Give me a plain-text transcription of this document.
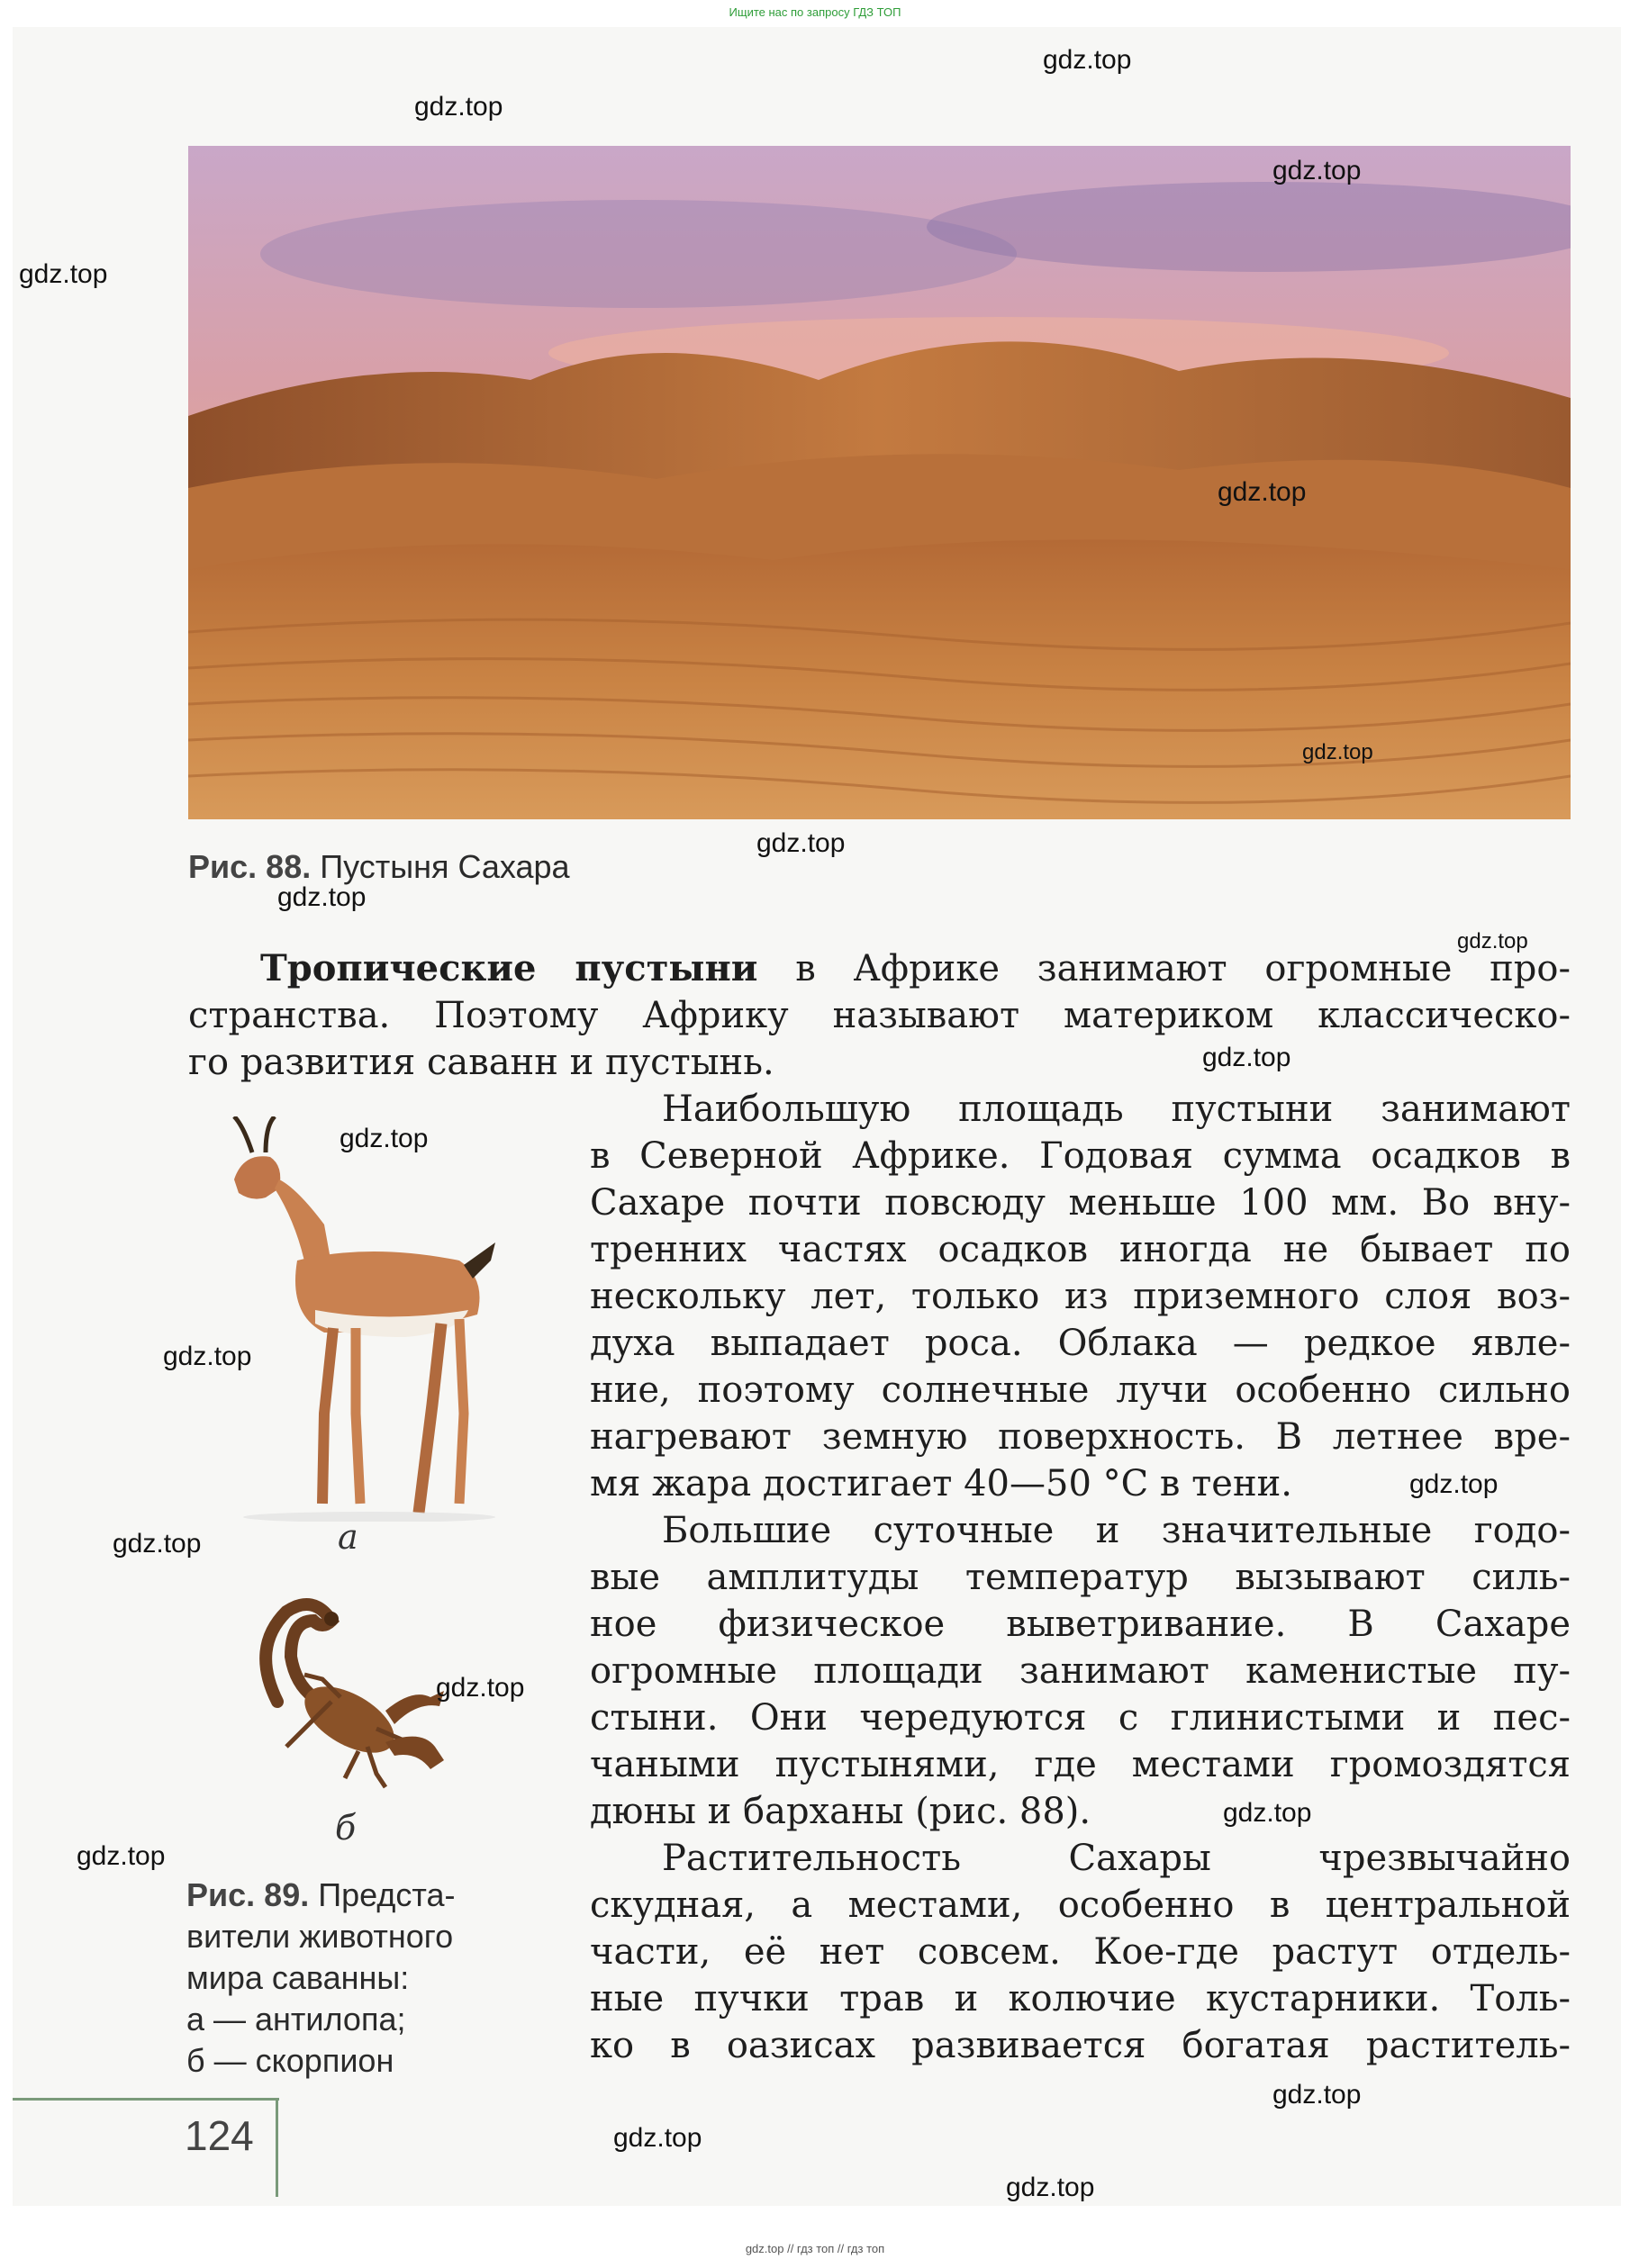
Ищите нас по запросу ГДЗ ТОП
Рис. 88. Пустыня Сахара
Тропические пустыни в Африке занимают огромные про-
странства. Поэтому Африку называют материком классическо-
го развития саванн и пустынь.
Наибольшую площадь пустыни занимают
в Северной Африке. Годовая сумма осадков в
Сахаре почти повсюду меньше 100 мм. Во вну-
тренних частях осадков иногда не бывает по
нескольку лет, только из приземного слоя воз-
духа выпадает роса. Облака — редкое явле-
ние, поэтому солнечные лучи особенно сильно
нагревают земную поверхность. В летнее вре-
мя жара достигает 40—50 °С в тени.
Большие суточные и значительные годо-
вые амплитуды температур вызывают силь-
ное физическое выветривание. В Сахаре
огромные площади занимают каменистые пу-
стыни. Они чередуются с глинистыми и пес-
чаными пустынями, где местами громоздятся
дюны и барханы (рис. 88).
Растительность Сахары чрезвычайно
скудная, а местами, особенно в центральной
части, её нет совсем. Кое-где растут отдель-
ные пучки трав и колючие кустарники. Толь-
ко в оазисах развивается богатая раститель-
а
б
Рис. 89. Предста-
вители животного
мира саванны:
а — антилопа;
б — скорпион
124
gdz.top
gdz.top
gdz.top
gdz.top
gdz.top
gdz.top
gdz.top
gdz.top
gdz.top
gdz.top
gdz.top
gdz.top
gdz.top
gdz.top
gdz.top
gdz.top
gdz.top
gdz.top
gdz.top
gdz.top
gdz.top // гдз топ // гдз топ
